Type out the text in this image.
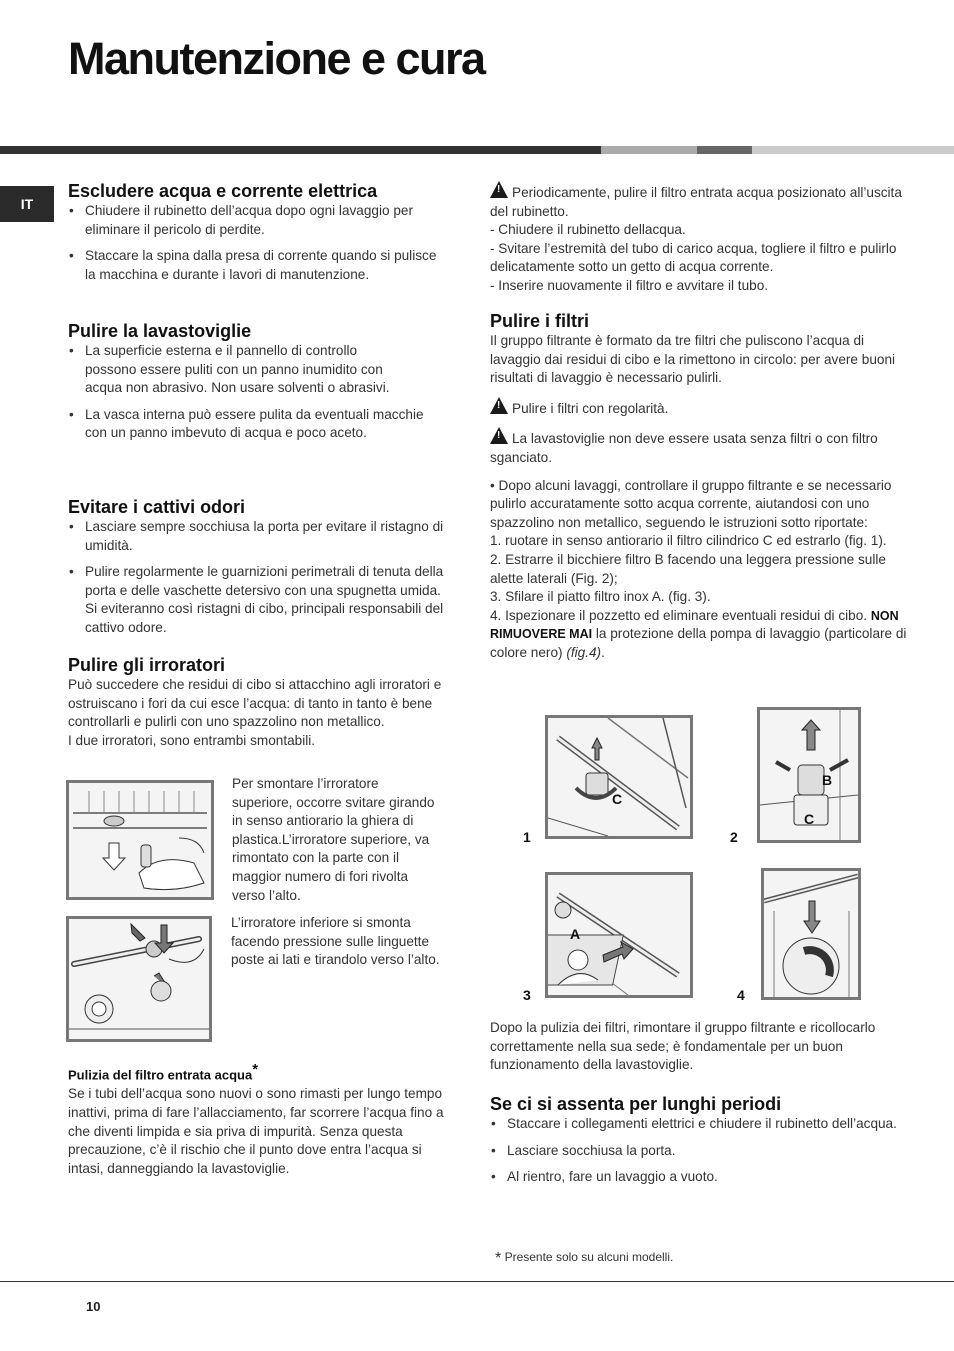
Manutenzione e cura
IT
Escludere acqua e corrente elettrica

• Chiudere il rubinetto dell’acqua dopo ogni lavaggio per eliminare il pericolo di perdite.

• Staccare la spina dalla presa di corrente quando si pulisce la macchina e durante i lavori di manutenzione.

Pulire la lavastoviglie

• La superficie esterna e il pannello di controllo possono essere puliti con un panno inumidito con acqua non abrasivo. Non usare solventi o abrasivi.

• La vasca interna può essere pulita da eventuali macchie con un panno imbevuto di acqua e poco aceto.

Evitare i cattivi odori

• Lasciare sempre socchiusa la porta per evitare il ristagno di umidità.

• Pulire regolarmente le guarnizioni perimetrali di tenuta della porta e delle vaschette detersivo con una spugnetta umida. Si eviteranno così ristagni di cibo, principali responsabili del cattivo odore.

Pulire gli irroratori

Può succedere che residui di cibo si attacchino agli irroratori e ostruiscano i fori da cui esce l’acqua: di tanto in tanto è bene controllarli e pulirli con uno spazzolino non metallico.

I due irroratori, sono entrambi smontabili.

Per smontare l’irroratore superiore, occorre svitare girando in senso antiorario la ghiera di plastica.L’irroratore superiore, va rimontato con la parte con il maggior numero di fori rivolta verso l’alto.

L’irroratore inferiore si smonta facendo pressione sulle linguette poste ai lati e tirandolo verso l’alto.

Pulizia del filtro entrata acqua*

Se i tubi dell’acqua sono nuovi o sono rimasti per lungo tempo inattivi, prima di fare l’allacciamento, far scorrere l’acqua fino a che diventi limpida e sia priva di impurità. Senza questa precauzione, c’è il rischio che il punto dove entra l’acqua si intasi, danneggiando la lavastoviglie.

!Periodicamente, pulire il filtro entrata acqua posizionato all’uscita del rubinetto.

- Chiudere il rubinetto dellacqua.

- Svitare l’estremità del tubo di carico acqua, togliere il filtro e pulirlo delicatamente sotto un getto di acqua corrente.

- Inserire nuovamente il filtro e avvitare il tubo.

Pulire i filtri

Il gruppo filtrante è formato da tre filtri che puliscono l’acqua di lavaggio dai residui di cibo e la rimettono in circolo: per avere buoni risultati di lavaggio è necessario pulirli.

!Pulire i filtri con regolarità.

!La lavastoviglie non deve essere usata senza filtri o con filtro sganciato.

• Dopo alcuni lavaggi, controllare il gruppo filtrante e se necessario pulirlo accuratamente sotto acqua corrente, aiutandosi con uno spazzolino non metallico, seguendo le istruzioni sotto riportate:

1. ruotare in senso antiorario il filtro cilindrico C ed estrarlo (fig. 1).

2. Estrarre il bicchiere filtro B facendo una leggera pressione sulle alette laterali (Fig. 2);

3. Sfilare il piatto filtro inox A. (fig. 3).

4. Ispezionare il pozzetto ed eliminare eventuali residui di cibo. NON RIMUOVERE MAI la protezione della pompa di lavaggio (particolare di colore nero) (fig.4).

C
1
B
C
2
A
3	4

Dopo la pulizia dei filtri, rimontare il gruppo filtrante e ricollocarlo correttamente nella sua sede; è fondamentale per un buon funzionamento della lavastoviglie.

Se ci si assenta per lunghi periodi

• Staccare i collegamenti elettrici e chiudere il rubinetto dell’acqua.

• Lasciare socchiusa la porta.

• Al rientro, fare un lavaggio a vuoto.

* Presente solo su alcuni modelli.
10
